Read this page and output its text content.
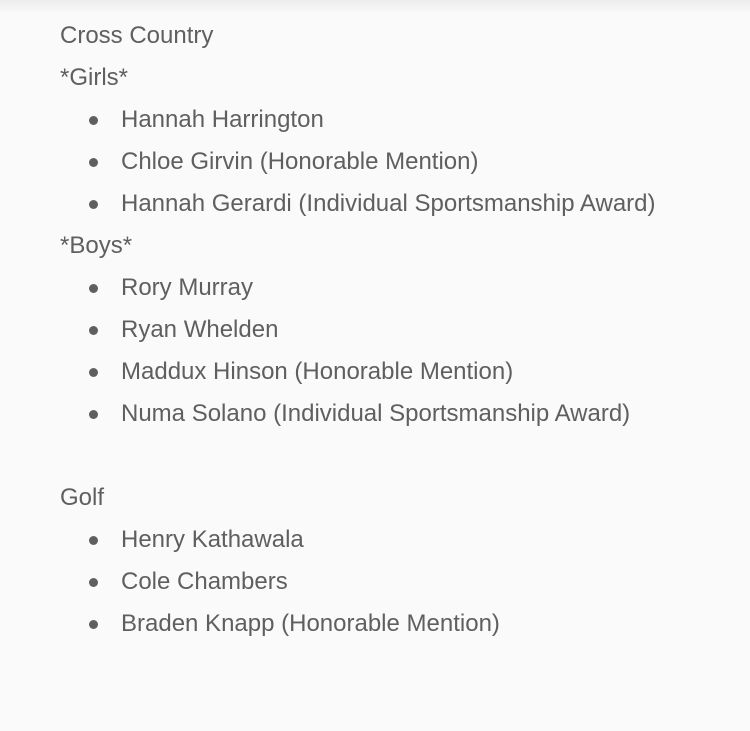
Cross Country
*Girls*
Hannah Harrington
Chloe Girvin (Honorable Mention)
Hannah Gerardi (Individual Sportsmanship Award)
*Boys*
Rory Murray
Ryan Whelden
Maddux Hinson (Honorable Mention)
Numa Solano (Individual Sportsmanship Award)
Golf
Henry Kathawala
Cole Chambers
Braden Knapp (Honorable Mention)
